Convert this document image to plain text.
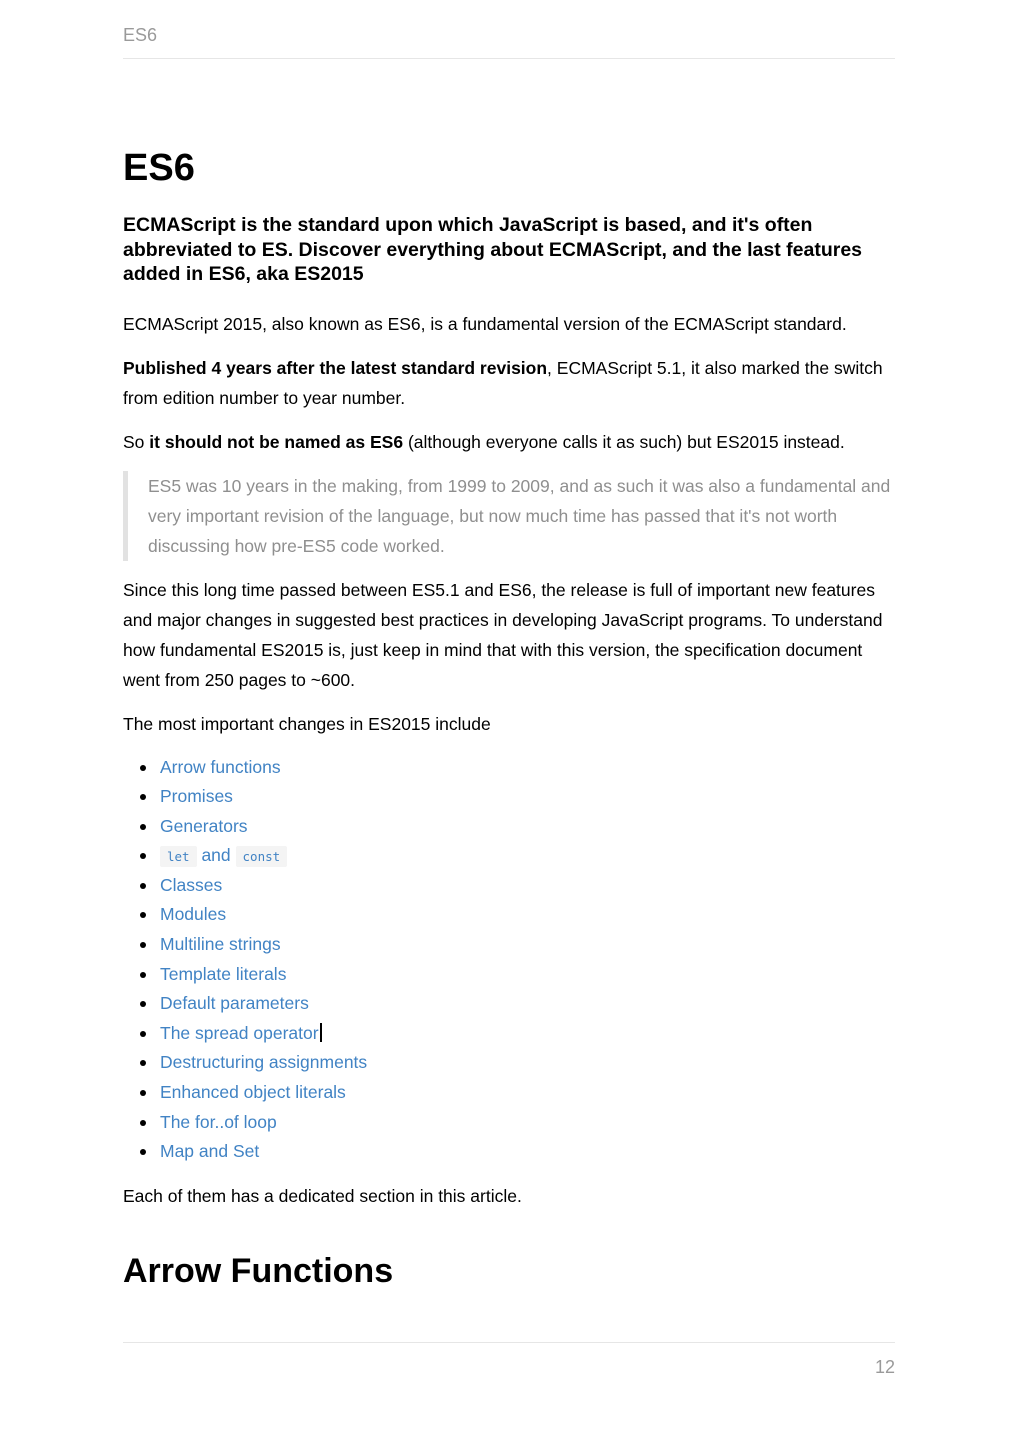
ES6
ES6
ECMAScript is the standard upon which JavaScript is based, and it's often abbreviated to ES. Discover everything about ECMAScript, and the last features added in ES6, aka ES2015

ECMAScript 2015, also known as ES6, is a fundamental version of the ECMAScript standard.

Published 4 years after the latest standard revision, ECMAScript 5.1, it also marked the switch from edition number to year number.

So it should not be named as ES6 (although everyone calls it as such) but ES2015 instead.

ES5 was 10 years in the making, from 1999 to 2009, and as such it was also a fundamental and very important revision of the language, but now much time has passed that it's not worth discussing how pre-ES5 code worked.

Since this long time passed between ES5.1 and ES6, the release is full of important new features and major changes in suggested best practices in developing JavaScript programs. To understand how fundamental ES2015 is, just keep in mind that with this version, the specification document went from 250 pages to ~600.

The most important changes in ES2015 include

Arrow functions
Promises
Generators
let and const
Classes
Modules
Multiline strings
Template literals
Default parameters
The spread operator
Destructuring assignments
Enhanced object literals
The for..of loop
Map and Set

Each of them has a dedicated section in this article.

Arrow Functions
12
